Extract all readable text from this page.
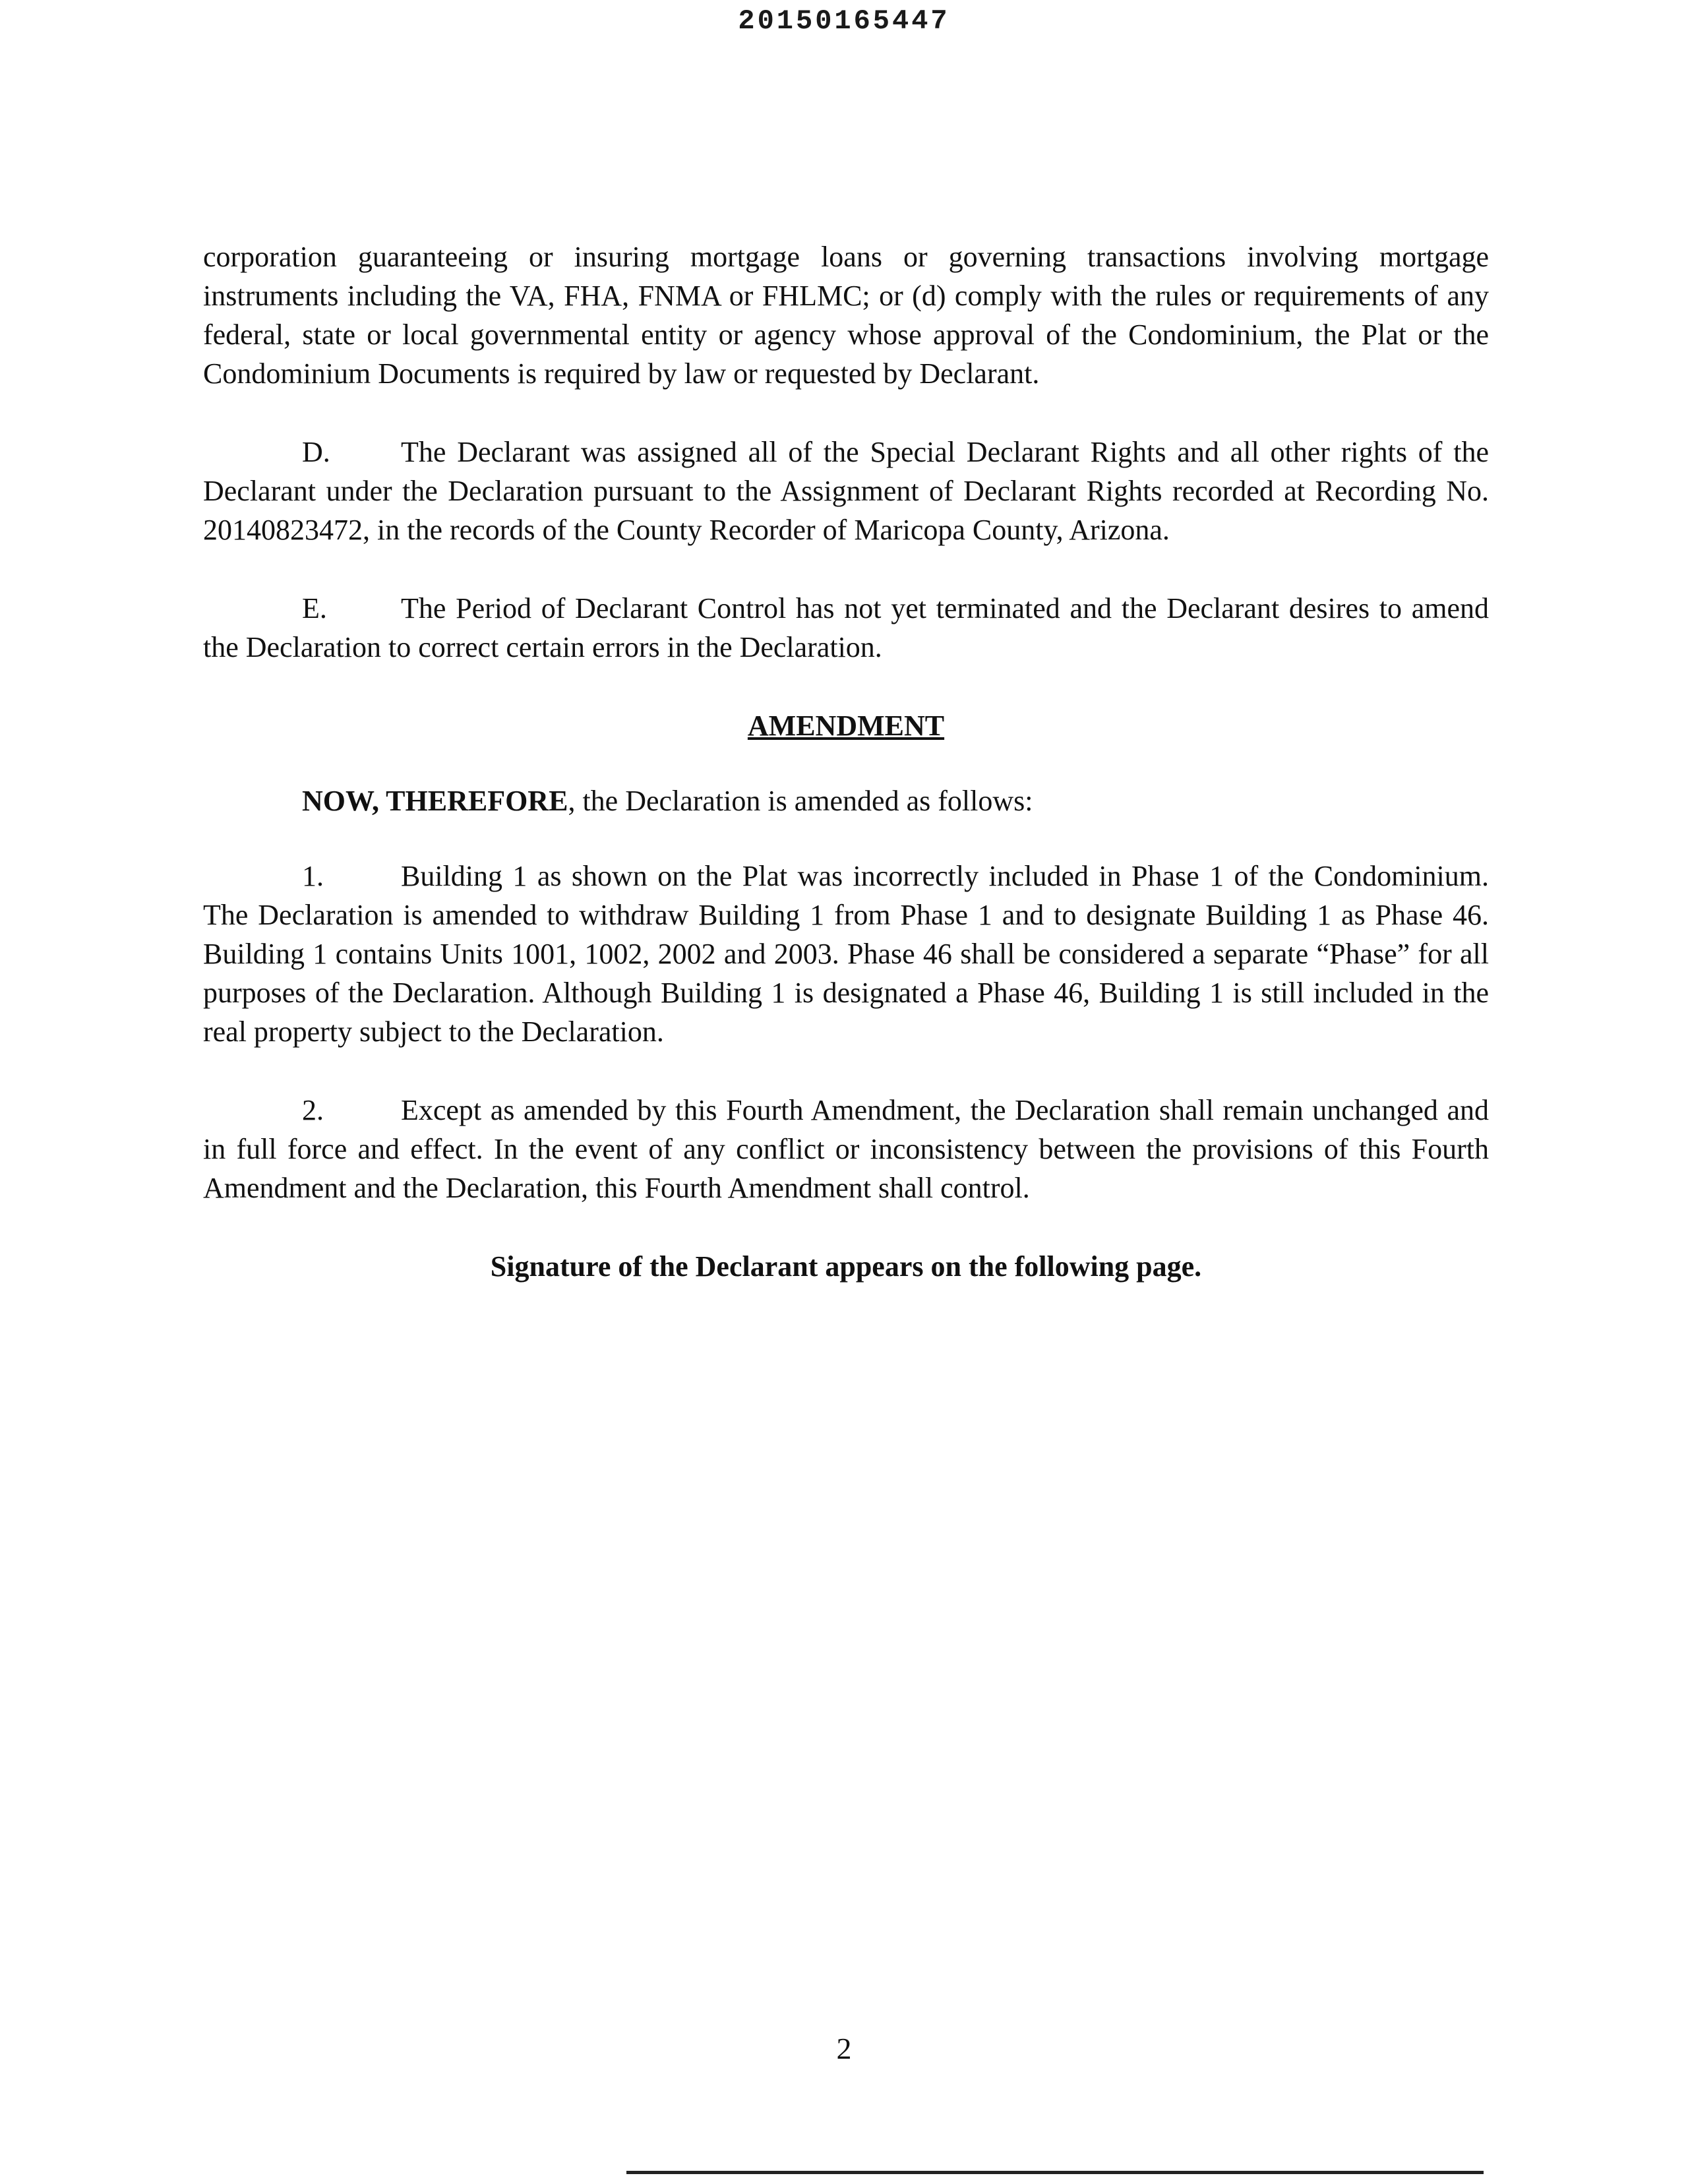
20150165447

corporation guaranteeing or insuring mortgage loans or governing transactions involving mortgage instruments including the VA, FHA, FNMA or FHLMC; or (d) comply with the rules or requirements of any federal, state or local governmental entity or agency whose approval of the Condominium, the Plat or the Condominium Documents is required by law or requested by Declarant.

D. The Declarant was assigned all of the Special Declarant Rights and all other rights of the Declarant under the Declaration pursuant to the Assignment of Declarant Rights recorded at Recording No. 20140823472, in the records of the County Recorder of Maricopa County, Arizona.

E.	The Period of Declarant Control has not yet terminated and the Declarant desires to amend the Declaration to correct certain errors in the Declaration.

AMENDMENT

NOW, THEREFORE, the Declaration is amended as follows:

1.	Building 1 as shown on the Plat was incorrectly included in Phase 1 of the Condominium. The Declaration is amended to withdraw Building 1 from Phase 1 and to designate Building 1 as Phase 46. Building 1 contains Units 1001, 1002, 2002 and 2003. Phase 46 shall be considered a separate “Phase” for all purposes of the Declaration. Although Building 1 is designated a Phase 46, Building 1 is still included in the real property subject to the Declaration.

2.	Except as amended by this Fourth Amendment, the Declaration shall remain unchanged and in full force and effect. In the event of any conflict or inconsistency between the provisions of this Fourth Amendment and the Declaration, this Fourth Amendment shall control.

Signature of the Declarant appears on the following page.
2
